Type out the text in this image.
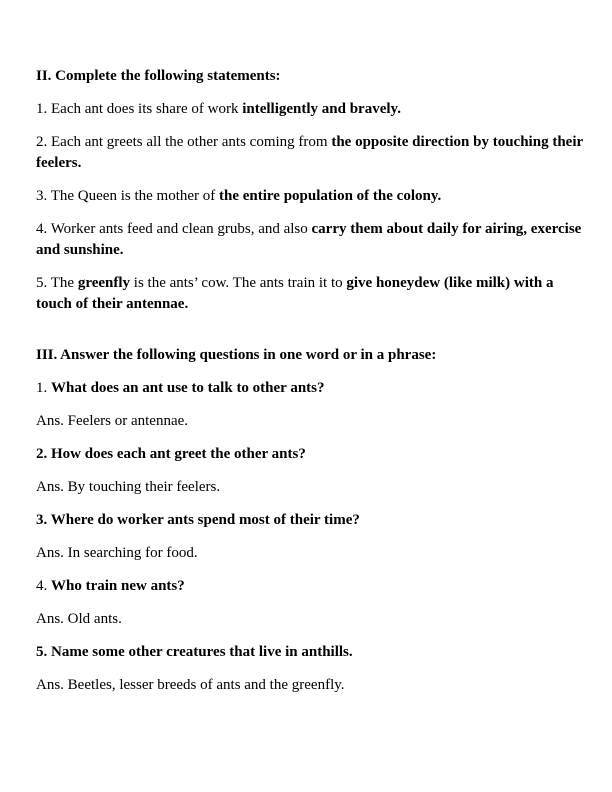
II. Complete the following statements:

1. Each ant does its share of work intelligently and bravely.

2. Each ant greets all the other ants coming from the opposite direction by touching their feelers.

3. The Queen is the mother of the entire population of the colony.

4. Worker ants feed and clean grubs, and also carry them about daily for airing, exercise and sunshine.

5. The greenfly is the ants’ cow. The ants train it to give honeydew (like milk) with a touch of their antennae.

III. Answer the following questions in one word or in a phrase:

1. What does an ant use to talk to other ants?

Ans. Feelers or antennae.

2. How does each ant greet the other ants?

Ans. By touching their feelers.

3. Where do worker ants spend most of their time?

Ans. In searching for food.

4. Who train new ants?

Ans. Old ants.

5. Name some other creatures that live in anthills.

Ans. Beetles, lesser breeds of ants and the greenfly.
